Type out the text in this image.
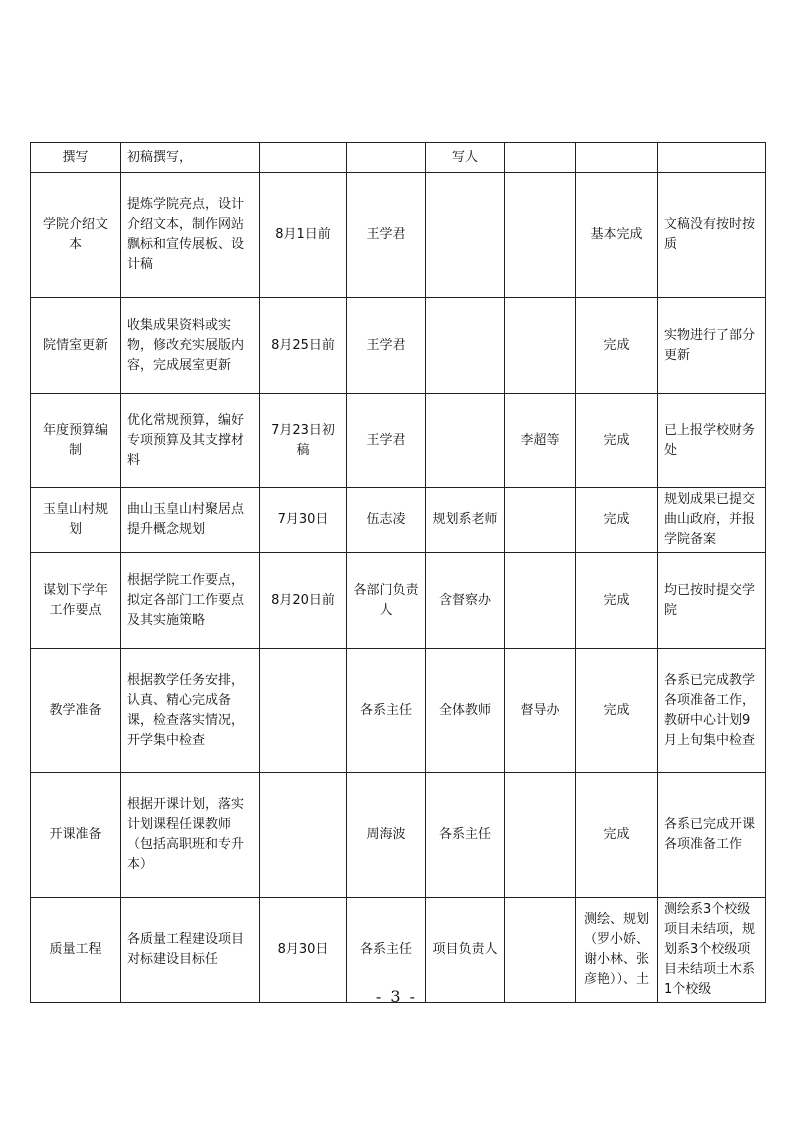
撰写	初稿撰写，			写人			
学院介绍文本	提炼学院亮点，设计介绍文本，制作网站飘标和宣传展板、设计稿	8月1日前	王学君			基本完成	文稿没有按时按质
院情室更新	收集成果资料或实物，修改充实展版内容，完成展室更新	8月25日前	王学君			完成	实物进行了部分更新
年度预算编制	优化常规预算，编好专项预算及其支撑材料	7月23日初稿	王学君		李超等	完成	已上报学校财务处
玉皇山村规划	曲山玉皇山村聚居点提升概念规划	7月30日	伍志凌	规划系老师		完成	规划成果已提交曲山政府，并报学院备案
谋划下学年工作要点	根据学院工作要点，拟定各部门工作要点及其实施策略	8月20日前	各部门负责人	含督察办		完成	均已按时提交学院
教学准备	根据教学任务安排，认真、精心完成备课，检查落实情况，开学集中检查		各系主任	全体教师	督导办	完成	各系已完成教学各项准备工作，教研中心计划9月上旬集中检查
开课准备	根据开课计划，落实计划课程任课教师（包括高职班和专升本）		周海波	各系主任		完成	各系已完成开课各项准备工作
质量工程	各质量工程建设项目对标建设目标任	8月30日	各系主任	项目负责人		测绘、规划（罗小娇、谢小林、张彦艳））、土	测绘系3个校级项目未结项，规划系3个校级项目未结项土木系1个校级
- 3 -
